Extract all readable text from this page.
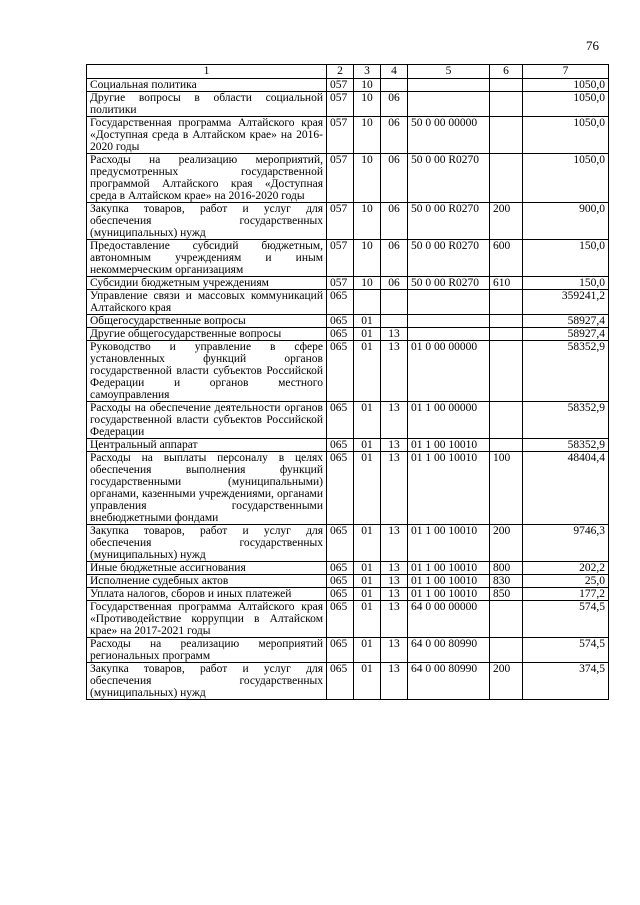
76
1	2	3	4	5	6	7
Социальная политика	057	10				1050,0
Другие вопросы в области социальной политики	057	10	06			1050,0
Государственная программа Алтайского края «Доступная среда в Алтайском крае» на 2016-2020 годы	057	10	06	50 0 00 00000		1050,0
Расходы на реализацию мероприятий, предусмотренных государственной программой Алтайского края «Доступная среда в Алтайском крае» на 2016-2020 годы	057	10	06	50 0 00 R0270		1050,0
Закупка товаров, работ и услуг для обеспечения государственных (муниципальных) нужд	057	10	06	50 0 00 R0270	200	900,0
Предоставление субсидий бюджетным, автономным учреждениям и иным некоммерческим организациям	057	10	06	50 0 00 R0270	600	150,0
Субсидии бюджетным учреждениям	057	10	06	50 0 00 R0270	610	150,0
Управление связи и массовых коммуникаций Алтайского края	065					359241,2
Общегосударственные вопросы	065	01				58927,4
Другие общегосударственные вопросы	065	01	13			58927,4
Руководство и управление в сфере установленных функций органов государственной власти субъектов Российской Федерации и органов местного самоуправления	065	01	13	01 0 00 00000		58352,9
Расходы на обеспечение деятельности органов государственной власти субъектов Российской Федерации	065	01	13	01 1 00 00000		58352,9
Центральный аппарат	065	01	13	01 1 00 10010		58352,9
Расходы на выплаты персоналу в целях обеспечения выполнения функций государственными (муниципальными) органами, казенными учреждениями, органами управления государственными внебюджетными фондами	065	01	13	01 1 00 10010	100	48404,4
Закупка товаров, работ и услуг для обеспечения государственных (муниципальных) нужд	065	01	13	01 1 00 10010	200	9746,3
Иные бюджетные ассигнования	065	01	13	01 1 00 10010	800	202,2
Исполнение судебных актов	065	01	13	01 1 00 10010	830	25,0
Уплата налогов, сборов и иных платежей	065	01	13	01 1 00 10010	850	177,2
Государственная программа Алтайского края «Противодействие коррупции в Алтайском крае» на 2017-2021 годы	065	01	13	64 0 00 00000		574,5
Расходы на реализацию мероприятий региональных программ	065	01	13	64 0 00 80990		574,5
Закупка товаров, работ и услуг для обеспечения государственных (муниципальных) нужд	065	01	13	64 0 00 80990	200	374,5
